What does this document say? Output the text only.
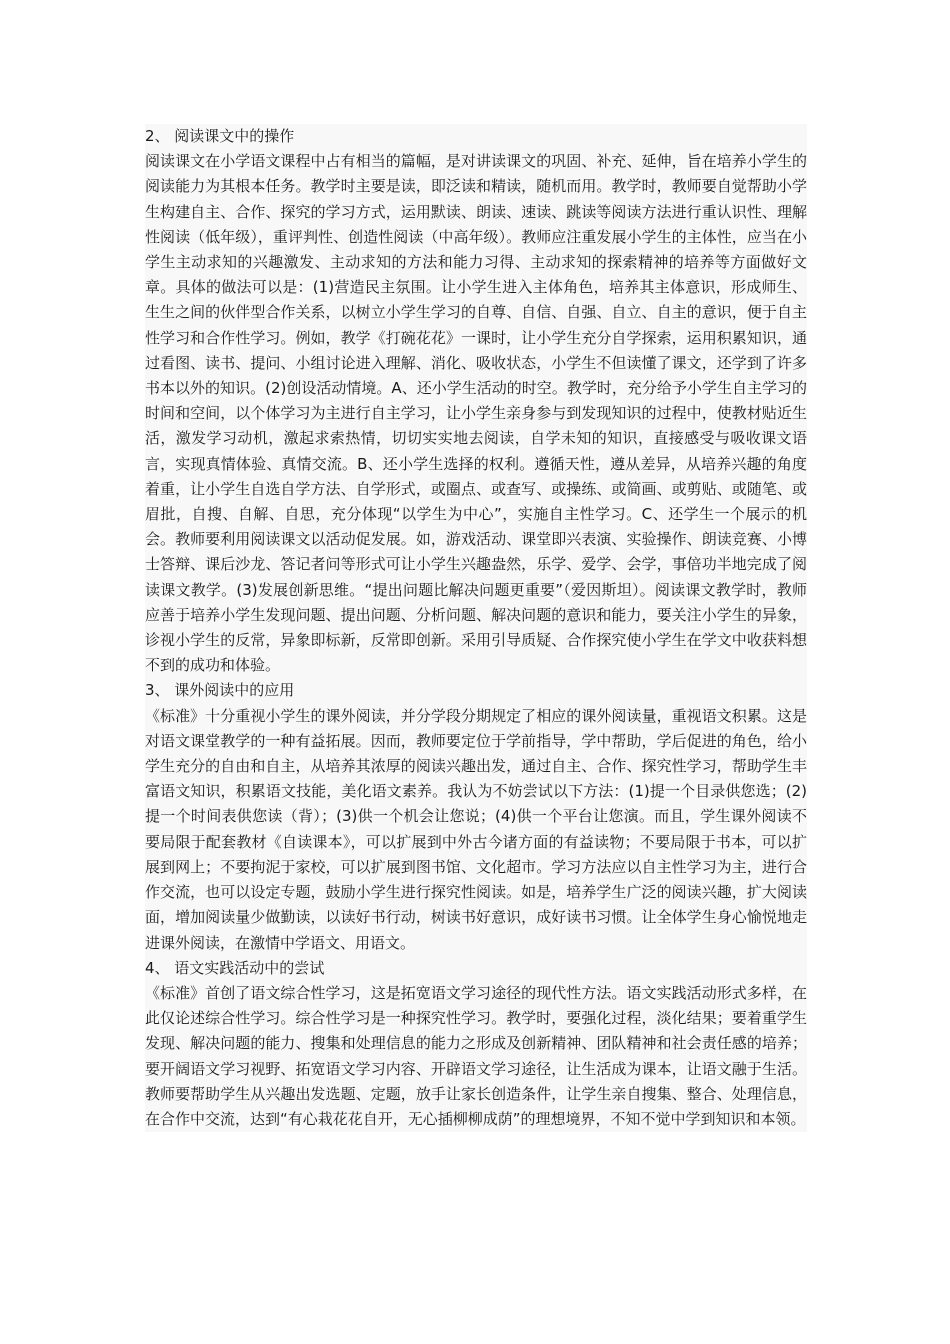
2、 阅读课文中的操作

阅读课文在小学语文课程中占有相当的篇幅，是对讲读课文的巩固、补充、延伸，旨在培养小学生的阅读能力为其根本任务。教学时主要是读，即泛读和精读，随机而用。教学时，教师要自觉帮助小学生构建自主、合作、探究的学习方式，运用默读、朗读、速读、跳读等阅读方法进行重认识性、理解性阅读（低年级），重评判性、创造性阅读（中高年级）。教师应注重发展小学生的主体性，应当在小学生主动求知的兴趣激发、主动求知的方法和能力习得、主动求知的探索精神的培养等方面做好文章。具体的做法可以是：(1)营造民主氛围。让小学生进入主体角色，培养其主体意识，形成师生、生生之间的伙伴型合作关系，以树立小学生学习的自尊、自信、自强、自立、自主的意识，便于自主性学习和合作性学习。例如，教学《打碗花花》一课时，让小学生充分自学探索，运用积累知识，通过看图、读书、提问、小组讨论进入理解、消化、吸收状态，小学生不但读懂了课文，还学到了许多书本以外的知识。(2)创设活动情境。A、还小学生活动的时空。教学时，充分给予小学生自主学习的时间和空间，以个体学习为主进行自主学习，让小学生亲身参与到发现知识的过程中，使教材贴近生活，激发学习动机，激起求索热情，切切实实地去阅读，自学未知的知识，直接感受与吸收课文语言，实现真情体验、真情交流。B、还小学生选择的权利。遵循天性，遵从差异，从培养兴趣的角度着重，让小学生自选自学方法、自学形式，或圈点、或查写、或操练、或简画、或剪贴、或随笔、或眉批，自搜、自解、自思，充分体现“以学生为中心”，实施自主性学习。C、还学生一个展示的机会。教师要利用阅读课文以活动促发展。如，游戏活动、课堂即兴表演、实验操作、朗读竞赛、小博士答辩、课后沙龙、答记者问等形式可让小学生兴趣盎然，乐学、爱学、会学，事倍功半地完成了阅读课文教学。(3)发展创新思维。“提出问题比解决问题更重要”（爱因斯坦）。阅读课文教学时，教师应善于培养小学生发现问题、提出问题、分析问题、解决问题的意识和能力，要关注小学生的异象，诊视小学生的反常，异象即标新，反常即创新。采用引导质疑、合作探究使小学生在学文中收获料想不到的成功和体验。

3、 课外阅读中的应用

《标准》十分重视小学生的课外阅读，并分学段分期规定了相应的课外阅读量，重视语文积累。这是对语文课堂教学的一种有益拓展。因而，教师要定位于学前指导，学中帮助，学后促进的角色，给小学生充分的自由和自主，从培养其浓厚的阅读兴趣出发，通过自主、合作、探究性学习，帮助学生丰富语文知识，积累语文技能，美化语文素养。我认为不妨尝试以下方法：(1)提一个目录供您选；(2)提一个时间表供您读（背）；(3)供一个机会让您说；(4)供一个平台让您演。而且，学生课外阅读不要局限于配套教材《自读课本》，可以扩展到中外古今诸方面的有益读物；不要局限于书本，可以扩展到网上；不要拘泥于家校，可以扩展到图书馆、文化超市。学习方法应以自主性学习为主，进行合作交流，也可以设定专题，鼓励小学生进行探究性阅读。如是，培养学生广泛的阅读兴趣，扩大阅读面，增加阅读量少做勤读，以读好书行动，树读书好意识，成好读书习惯。让全体学生身心愉悦地走进课外阅读，在激情中学语文、用语文。

4、 语文实践活动中的尝试

《标准》首创了语文综合性学习，这是拓宽语文学习途径的现代性方法。语文实践活动形式多样，在此仅论述综合性学习。综合性学习是一种探究性学习。教学时，要强化过程，淡化结果；要着重学生发现、解决问题的能力、搜集和处理信息的能力之形成及创新精神、团队精神和社会责任感的培养；要开阔语文学习视野、拓宽语文学习内容、开辟语文学习途径，让生活成为课本，让语文融于生活。教师要帮助学生从兴趣出发选题、定题，放手让家长创造条件，让学生亲自搜集、整合、处理信息，在合作中交流，达到“有心栽花花自开，无心插柳柳成荫”的理想境界，不知不觉中学到知识和本领。
